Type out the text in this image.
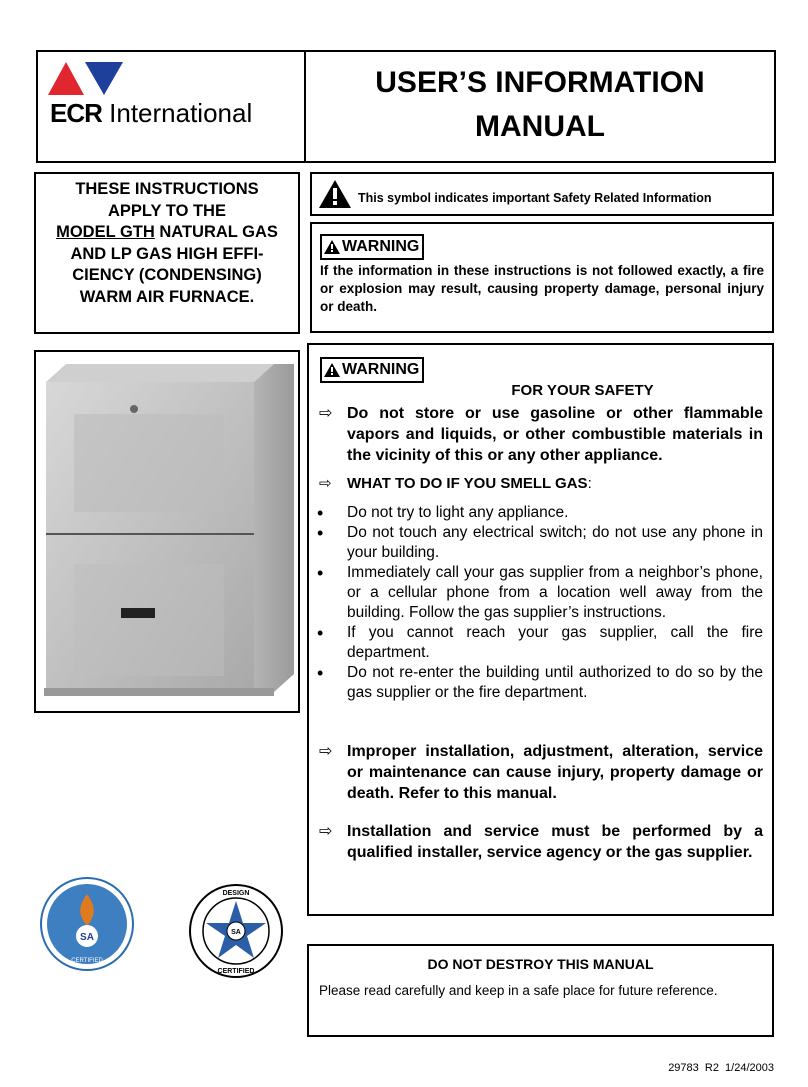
ECR International
USER’S INFORMATION
MANUAL
THESE INSTRUCTIONS
APPLY TO THE
MODEL GTH NATURAL GAS
AND LP GAS HIGH EFFI-
CIENCY (CONDENSING)
WARM AIR FURNACE.
This symbol indicates important Safety Related Information
WARNING
If the information in these instructions is not followed exactly, a fire or explosion may result, causing property damage, personal injury or death.
WARNING
FOR YOUR SAFETY
⇨ Do not store or use gasoline or other flammable vapors and liquids, or other combustible materials in the vicinity of this or any other appliance.
⇨	WHAT TO DO IF YOU SMELL GAS:
• Do not try to light any appliance.
• Do not touch any electrical switch; do not use any phone in your building.
• Immediately call your gas supplier from a neighbor’s phone, or a cellular phone from a location well away from the building. Follow the gas supplier’s instructions.
• If you cannot reach your gas supplier, call the fire department.
• Do not re-enter the building until authorized to do so by the gas supplier or the fire department.
⇨ Improper installation, adjustment, alteration, service or maintenance can cause injury, property damage or death. Refer to this manual.
⇨ Installation and service must be performed by a qualified installer, service agency or the gas supplier.
SA
CERTIFIED
SA
DESIGN
CERTIFIED	DO NOT DESTROY THIS MANUAL
Please read carefully and keep in a safe place for future reference.
29783  R2  1/24/2003
